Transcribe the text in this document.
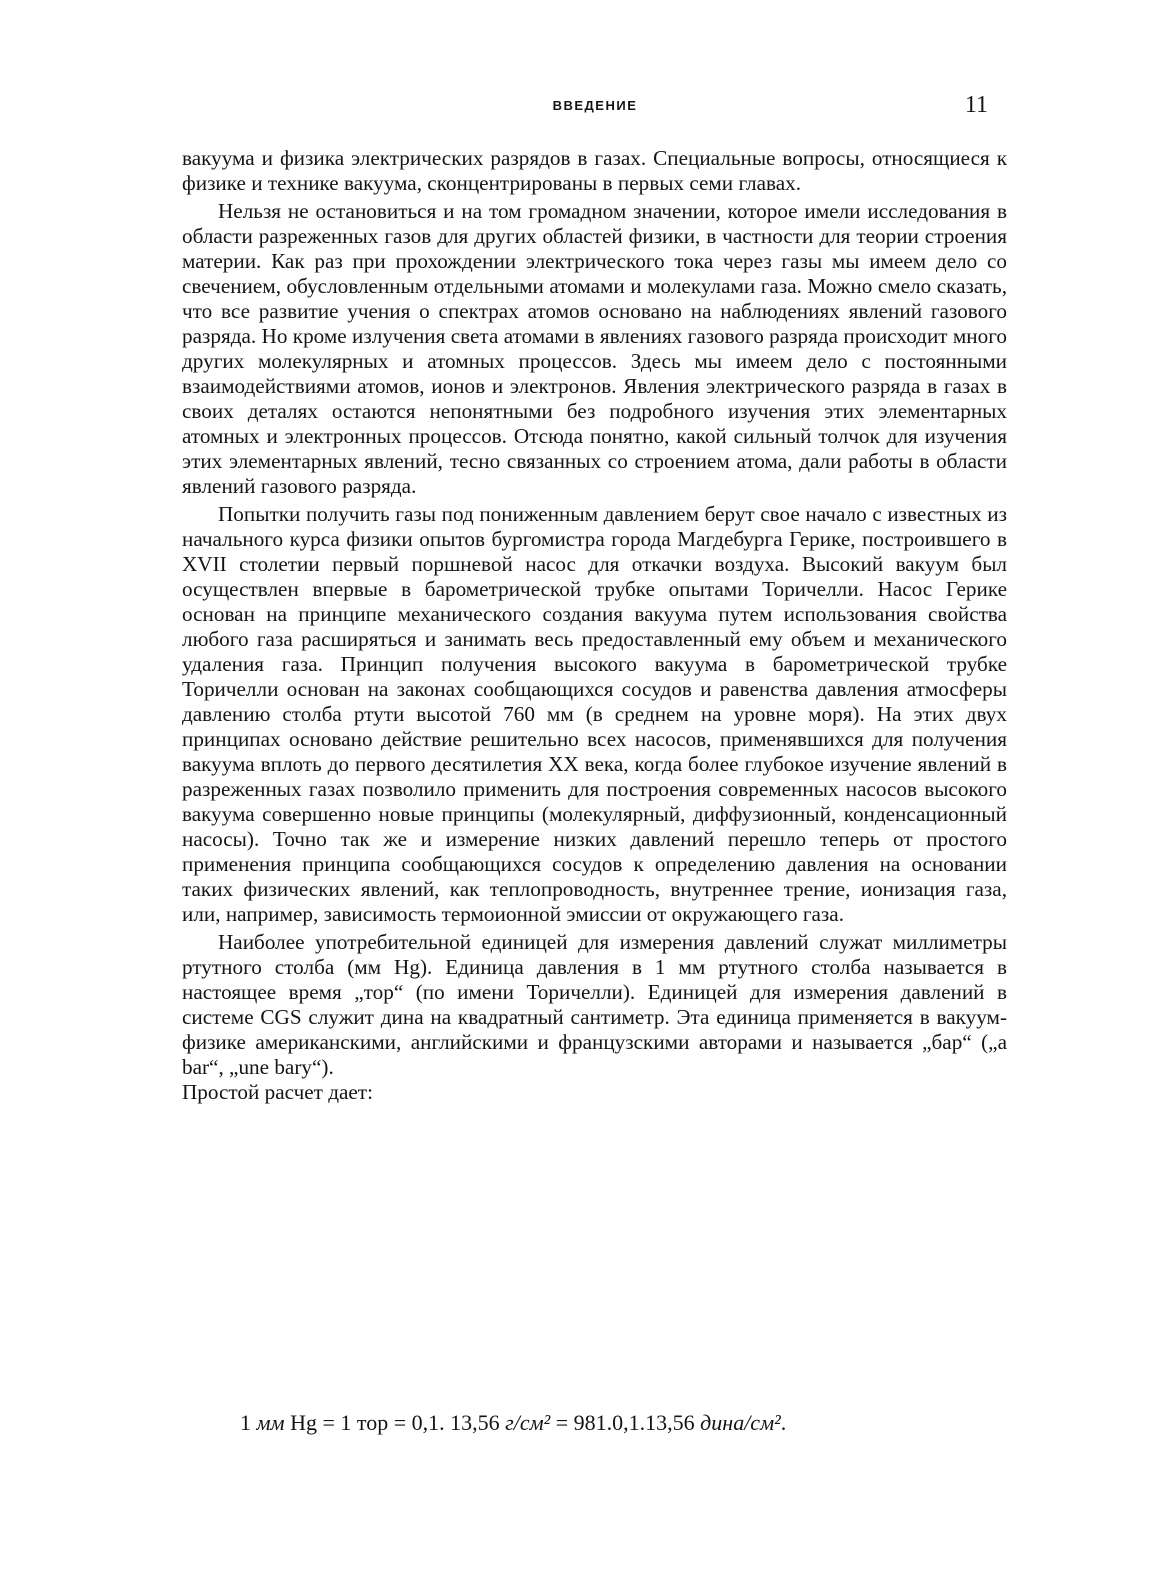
ВВЕДЕНИЕ	11

вакуума и физика электрических разрядов в газах. Специальные вопросы, относящиеся к физике и технике вакуума, сконцентрированы в первых семи главах.

Нельзя не остановиться и на том громадном значении, которое имели исследования в области разреженных газов для других областей физики, в частности для теории строения материи. Как раз при прохождении электрического тока через газы мы имеем дело со свечением, обусловленным отдельными атомами и молекулами газа. Можно смело сказать, что все развитие учения о спектрах атомов основано на наблюдениях явлений газового разряда. Но кроме излучения света атомами в явлениях газового разряда происходит много других молекулярных и атомных процессов. Здесь мы имеем дело с постоянными взаимодействиями атомов, ионов и электронов. Явления электрического разряда в газах в своих деталях остаются непонятными без подробного изучения этих элементарных атомных и электронных процессов. Отсюда понятно, какой сильный толчок для изучения этих элементарных явлений, тесно связанных со строением атома, дали работы в области явлений газового разряда.

Попытки получить газы под пониженным давлением берут свое начало с известных из начального курса физики опытов бургомистра города Магдебурга Герике, построившего в XVII столетии первый поршневой насос для откачки воздуха. Высокий вакуум был осуществлен впервые в барометрической трубке опытами Торичелли. Насос Герике основан на принципе механического создания вакуума путем использования свойства любого газа расширяться и занимать весь предоставленный ему объем и механического удаления газа. Принцип получения высокого вакуума в барометрической трубке Торичелли основан на законах сообщающихся сосудов и равенства давления атмосферы давлению столба ртути высотой 760 мм (в среднем на уровне моря). На этих двух принципах основано действие решительно всех насосов, применявшихся для получения вакуума вплоть до первого десятилетия XX века, когда более глубокое изучение явлений в разреженных газах позволило применить для построения современных насосов высокого вакуума совершенно новые принципы (молекулярный, диффузионный, конденсационный насосы). Точно так же и измерение низких давлений перешло теперь от простого применения принципа сообщающихся сосудов к определению давления на основании таких физических явлений, как теплопроводность, внутреннее трение, ионизация газа, или, например, зависимость термоионной эмиссии от окружающего газа.

Наиболее употребительной единицей для измерения давлений служат миллиметры ртутного столба (мм Hg). Единица давления в 1 мм ртутного столба называется в настоящее время „тор“ (по имени Торичелли). Единицей для измерения давлений в системе CGS служит дина на квадратный сантиметр. Эта единица применяется в вакуум-физике американскими, английскими и французскими авторами и называется „бар“ („a bar“, „une bary“).

Простой расчет дает:

1 мм Hg = 1 тор = 0,1. 13,56 г/см² = 981.0,1.13,56 дина/см².
